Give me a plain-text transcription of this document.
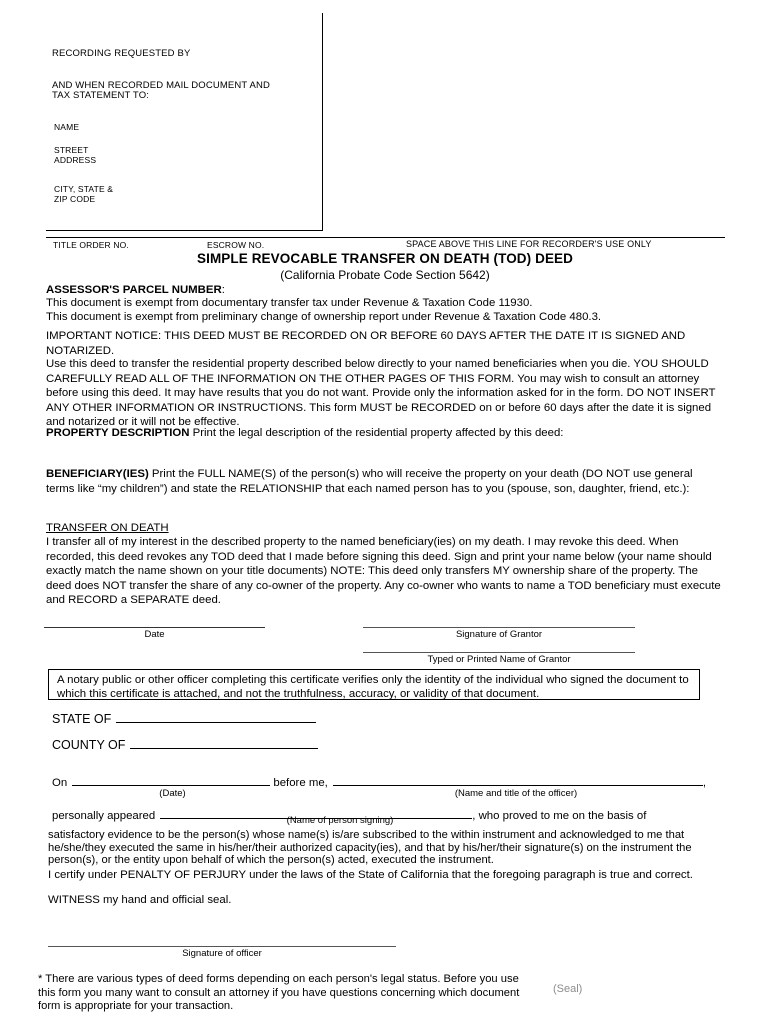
RECORDING REQUESTED BY
AND WHEN RECORDED MAIL DOCUMENT AND
TAX STATEMENT TO:
NAME
STREET
ADDRESS
CITY, STATE &
ZIP CODE
TITLE ORDER NO.	ESCROW NO.	SPACE ABOVE THIS LINE FOR RECORDER'S USE ONLY
SIMPLE REVOCABLE TRANSFER ON DEATH (TOD) DEED
(California Probate Code Section 5642)
ASSESSOR'S PARCEL NUMBER:
This document is exempt from documentary transfer tax under Revenue & Taxation Code 11930.
This document is exempt from preliminary change of ownership report under Revenue & Taxation Code 480.3.
IMPORTANT NOTICE: THIS DEED MUST BE RECORDED ON OR BEFORE 60 DAYS AFTER THE DATE IT IS SIGNED AND NOTARIZED.
Use this deed to transfer the residential property described below directly to your named beneficiaries when you die. YOU SHOULD CAREFULLY READ ALL OF THE INFORMATION ON THE OTHER PAGES OF THIS FORM. You may wish to consult an attorney before using this deed. It may have results that you do not want. Provide only the information asked for in the form. DO NOT INSERT ANY OTHER INFORMATION OR INSTRUCTIONS. This form MUST be RECORDED on or before 60 days after the date it is signed and notarized or it will not be effective.
PROPERTY DESCRIPTION Print the legal description of the residential property affected by this deed:
BENEFICIARY(IES) Print the FULL NAME(S) of the person(s) who will receive the property on your death (DO NOT use general terms like “my children”) and state the RELATIONSHIP that each named person has to you (spouse, son, daughter, friend, etc.):
TRANSFER ON DEATH
I transfer all of my interest in the described property to the named beneficiary(ies) on my death. I may revoke this deed. When recorded, this deed revokes any TOD deed that I made before signing this deed. Sign and print your name below (your name should exactly match the name shown on your title documents) NOTE: This deed only transfers MY ownership share of the property. The deed does NOT transfer the share of any co-owner of the property. Any co-owner who wants to name a TOD beneficiary must execute and RECORD a SEPARATE deed.
Date	Signature of Grantor
Typed or Printed Name of Grantor
A notary public or other officer completing this certificate verifies only the identity of the individual who signed the document to which this certificate is attached, and not the truthfulness, accuracy, or validity of that document.
STATE OF
COUNTY OF
On	before me,	,
(Date)	(Name and title of the officer)
personally appeared	, who proved to me on the basis of
(Name of person signing)
satisfactory evidence to be the person(s) whose name(s) is/are subscribed to the within instrument and acknowledged to me that he/she/they executed the same in his/her/their authorized capacity(ies), and that by his/her/their signature(s) on the instrument the person(s), or the entity upon behalf of which the person(s) acted, executed the instrument.
I certify under PENALTY OF PERJURY under the laws of the State of California that the foregoing paragraph is true and correct.
WITNESS my hand and official seal.
Signature of officer
* There are various types of deed forms depending on each person's legal status. Before you use this form you many want to consult an attorney if you have questions concerning which document form is appropriate for your transaction.
(Seal)
